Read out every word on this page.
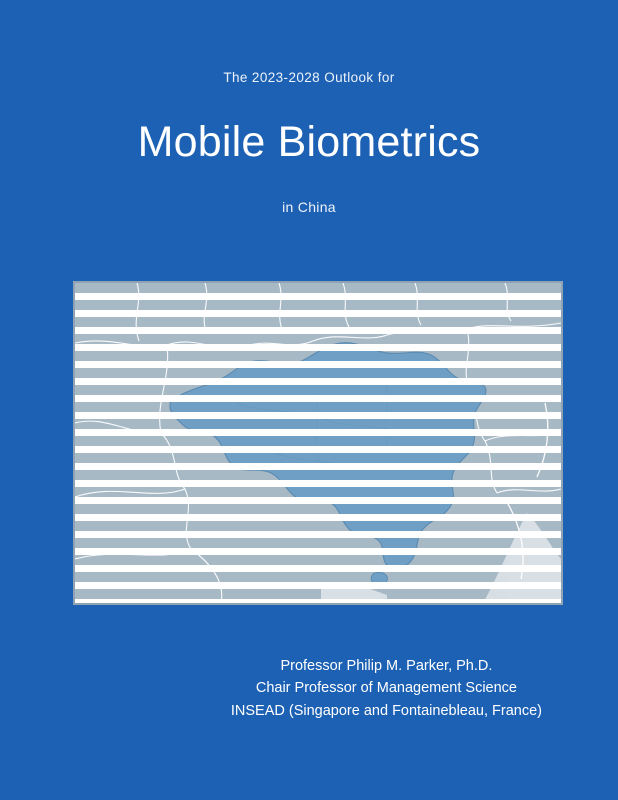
The 2023-2028 Outlook for
Mobile Biometrics
in China
Professor Philip M. Parker, Ph.D.
Chair Professor of Management Science
INSEAD (Singapore and Fontainebleau, France)
